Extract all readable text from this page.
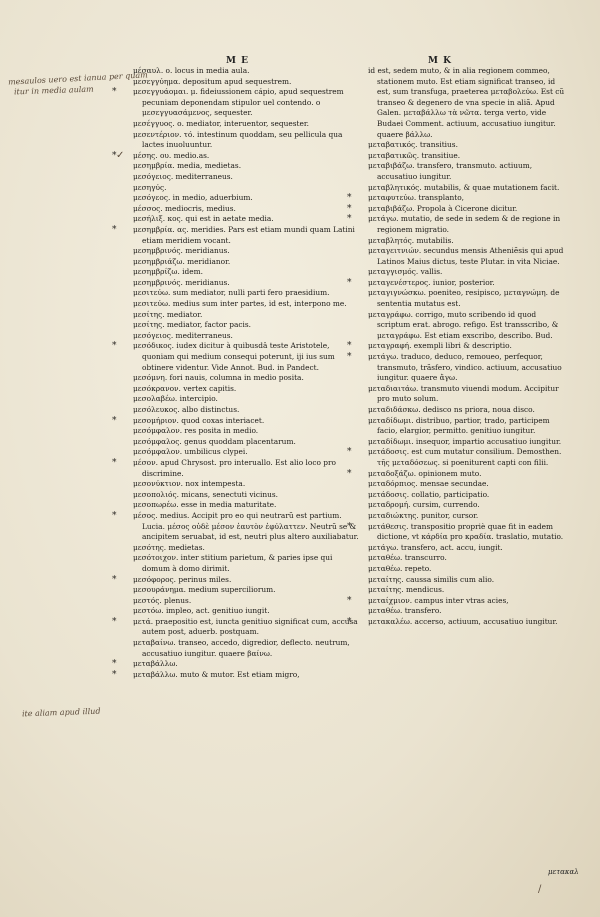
M E	M K
mesaulos uero est ianua per quam
itur in media aulam
ite aliam apud illud
✓
/

μέσαυλ. ο. locus in media aula.

μεσεγγύημα. depositum apud sequestrem.

* μεσεγγυάομαι. μ. fideiussionem cápio, apud sequestrem pecuniam deponendam stipulor uel contendo. ο μεσεγγυασάμενος, sequester.

μεσέγγυος. ο. mediator, interuentor, sequester.

μεσεντέριον. τό. intestinum quoddam, seu pellicula qua lactes inuoluuntur.

* μέσης. ου. medio.as.

μεσημβρία. media, medietas.

μεσόγειος. mediterraneus.

μεσηγύς.

μεσόγεος. in medio, aduerbium.

μέσσος. mediocris, medius.

μεσήλιξ. κος. qui est in aetate media.

* μεσημβρία. ας. meridies. Pars est etiam mundi quam Latini etiam meridiem vocant.

μεσημβρινός. meridianus.

μεσημβριάζω. meridianor.

μεσημβρίζω. idem.

μεσημβρινός. meridianus.

μεσιτεύω. sum mediator, nulli parti fero praesidium.

μεσιτεύω. medius sum inter partes, id est, interpono me.

μεσίτης. mediator.

μεσίτης. mediator, factor pacis.

μεσόγειος. mediterraneus.

* μεσόδικος. iudex dicitur à quibusdâ teste Aristotele, quoniam qui medium consequi poterunt, iji ius sum obtinere videntur. Vide Annot. Bud. in Pandect.

μεσόμνη. fori nauis, columna in medio posita.

μεσόκρανον. vertex capitis.

μεσολαβέω. intercipio.

μεσόλευκος. albo distinctus.

* μεσομήριον. quod coxas interiacet.

μεσόμφαλον. res posita in medio.

μεσόμφαλος. genus quoddam placentarum.

μεσόμφαλον. umbilicus clypei.

* μέσον. apud Chrysost. pro interuallo. Est alio loco pro discrimine.

μεσονύκτιον. nox intempesta.

μεσοπολιός. micans, senectuti vicinus.

μεσοπωρέω. esse in media maturitate.

* μέσος. medius. Accipit pro eo qui neutrarũ est partium. Lucia. μέσος οὐδὲ μέσον ἑαυτὸν ἐφύλαττεν. Neutrũ se & ancipitem seruabat, id est, neutri plus altero auxiliabatur.

μεσότης. medietas.

μεσότοιχον. inter stitium parietum, & paries ipse qui domum à domo dirimit.

* μεσόφορος. perinus miles.

μεσουράνημα. medium superciliorum.

μεστός. plenus.

μεστόω. impleo, act. genitiuo iungit.

* μετά. praepositio est, iuncta genitiuo significat cum, accusa autem post, aduerb. postquam.

μεταβαίνω. transeo, accedo, digredior, deflecto. neutrum, accusatiuo iungitur. quaere βαίνω.

* μεταβάλλω.

* μεταβάλλω. muto & mutor. Est etiam migro,

id est, sedem muto, & in alia regionem commeo, stationem muto. Est etiam significat transeo, id est, sum transfuga, praeterea μεταβολεύω. Est cũ transeo & degenero de vna specie in aliã. Apud Galen. μεταβάλλω τὰ νῶτα. terga verto, vide Budaei Comment. actiuum, accusatiuo iungitur. quaere βάλλω.

μεταβατικός. transitius.

μεταβατικῶς. transitiue.

μεταβιβάζω. transfero, transmuto. actiuum, accusatiuo iungitur.

μεταβλητικός. mutabilis, & quae mutationem facit.

* μεταφυτεύω. transplanto,

* μεταβιβάζω. Propola à Cicerone dicitur.

* μετάγω. mutatio, de sede in sedem & de regione in regionem migratio.

μεταβλητός. mutabilis.

μεταγειτνιών. secundus mensis Atheniẽsis qui apud Latinos Maius dictus, teste Plutar. in vita Niciae.

μεταγγισμός. vallis.

* μεταγενέστερος. iunior, posterior.

μεταγιγνώσκω. poeniteo, resipisco, μεταγνώμη. de sententia mutatus est.

μεταγράφω. corrigo, muto scribendo id quod scriptum erat. abrogo. refigo. Est transscribo, & μεταγράφω. Est etiam exscribo, describo. Bud.

* μεταγραφή. exempli libri & descriptio.

* μετάγω. traduco, deduco, remoueo, perfequor, transmuto, trãsfero, vindico. actiuum, accusatiuo iungitur. quaere ἄγω.

μεταδιαιτάω. transmuto viuendi modum. Accipitur pro muto solum.

μεταδιδάσκω. dedisco ns priora, noua disco.

μεταδίδωμι. distribuo, partior, trado, participem facio, elargior, permitto. genitiuo iungitur.

μεταδίδωμι. insequor, impartio accusatiuo iungitur.

* μετάδοσις. est cum mutatur consilium. Demosthen. τῆς μεταδόσεως. si poeniturent capti con filii.

* μεταδοξάζω. opinionem muto.

μεταδόρπιος. mensae secundae.

μετάδοσις. collatio, participatio.

μεταδρομή. cursim, currendo.

μεταδιώκτης. punitor, cursor.

* μετάθεσις. transpositio propriè quae fit in eadem dictione, vt κάρδία pro κραδία. traslatio, mutatio.

μετάγω. transfero, act. accu, iungit.

μεταθέω. transcurro.

μεταθέω. repeto.

μεταίτης. caussa similis cum alio.

μεταίτης. mendicus.

* μεταίχμιον. campus inter vtras acies,

μεταθέω. transfero.

* μετακαλέω. accerso, actiuum, accusatiuo iungitur.

μετακαλ
